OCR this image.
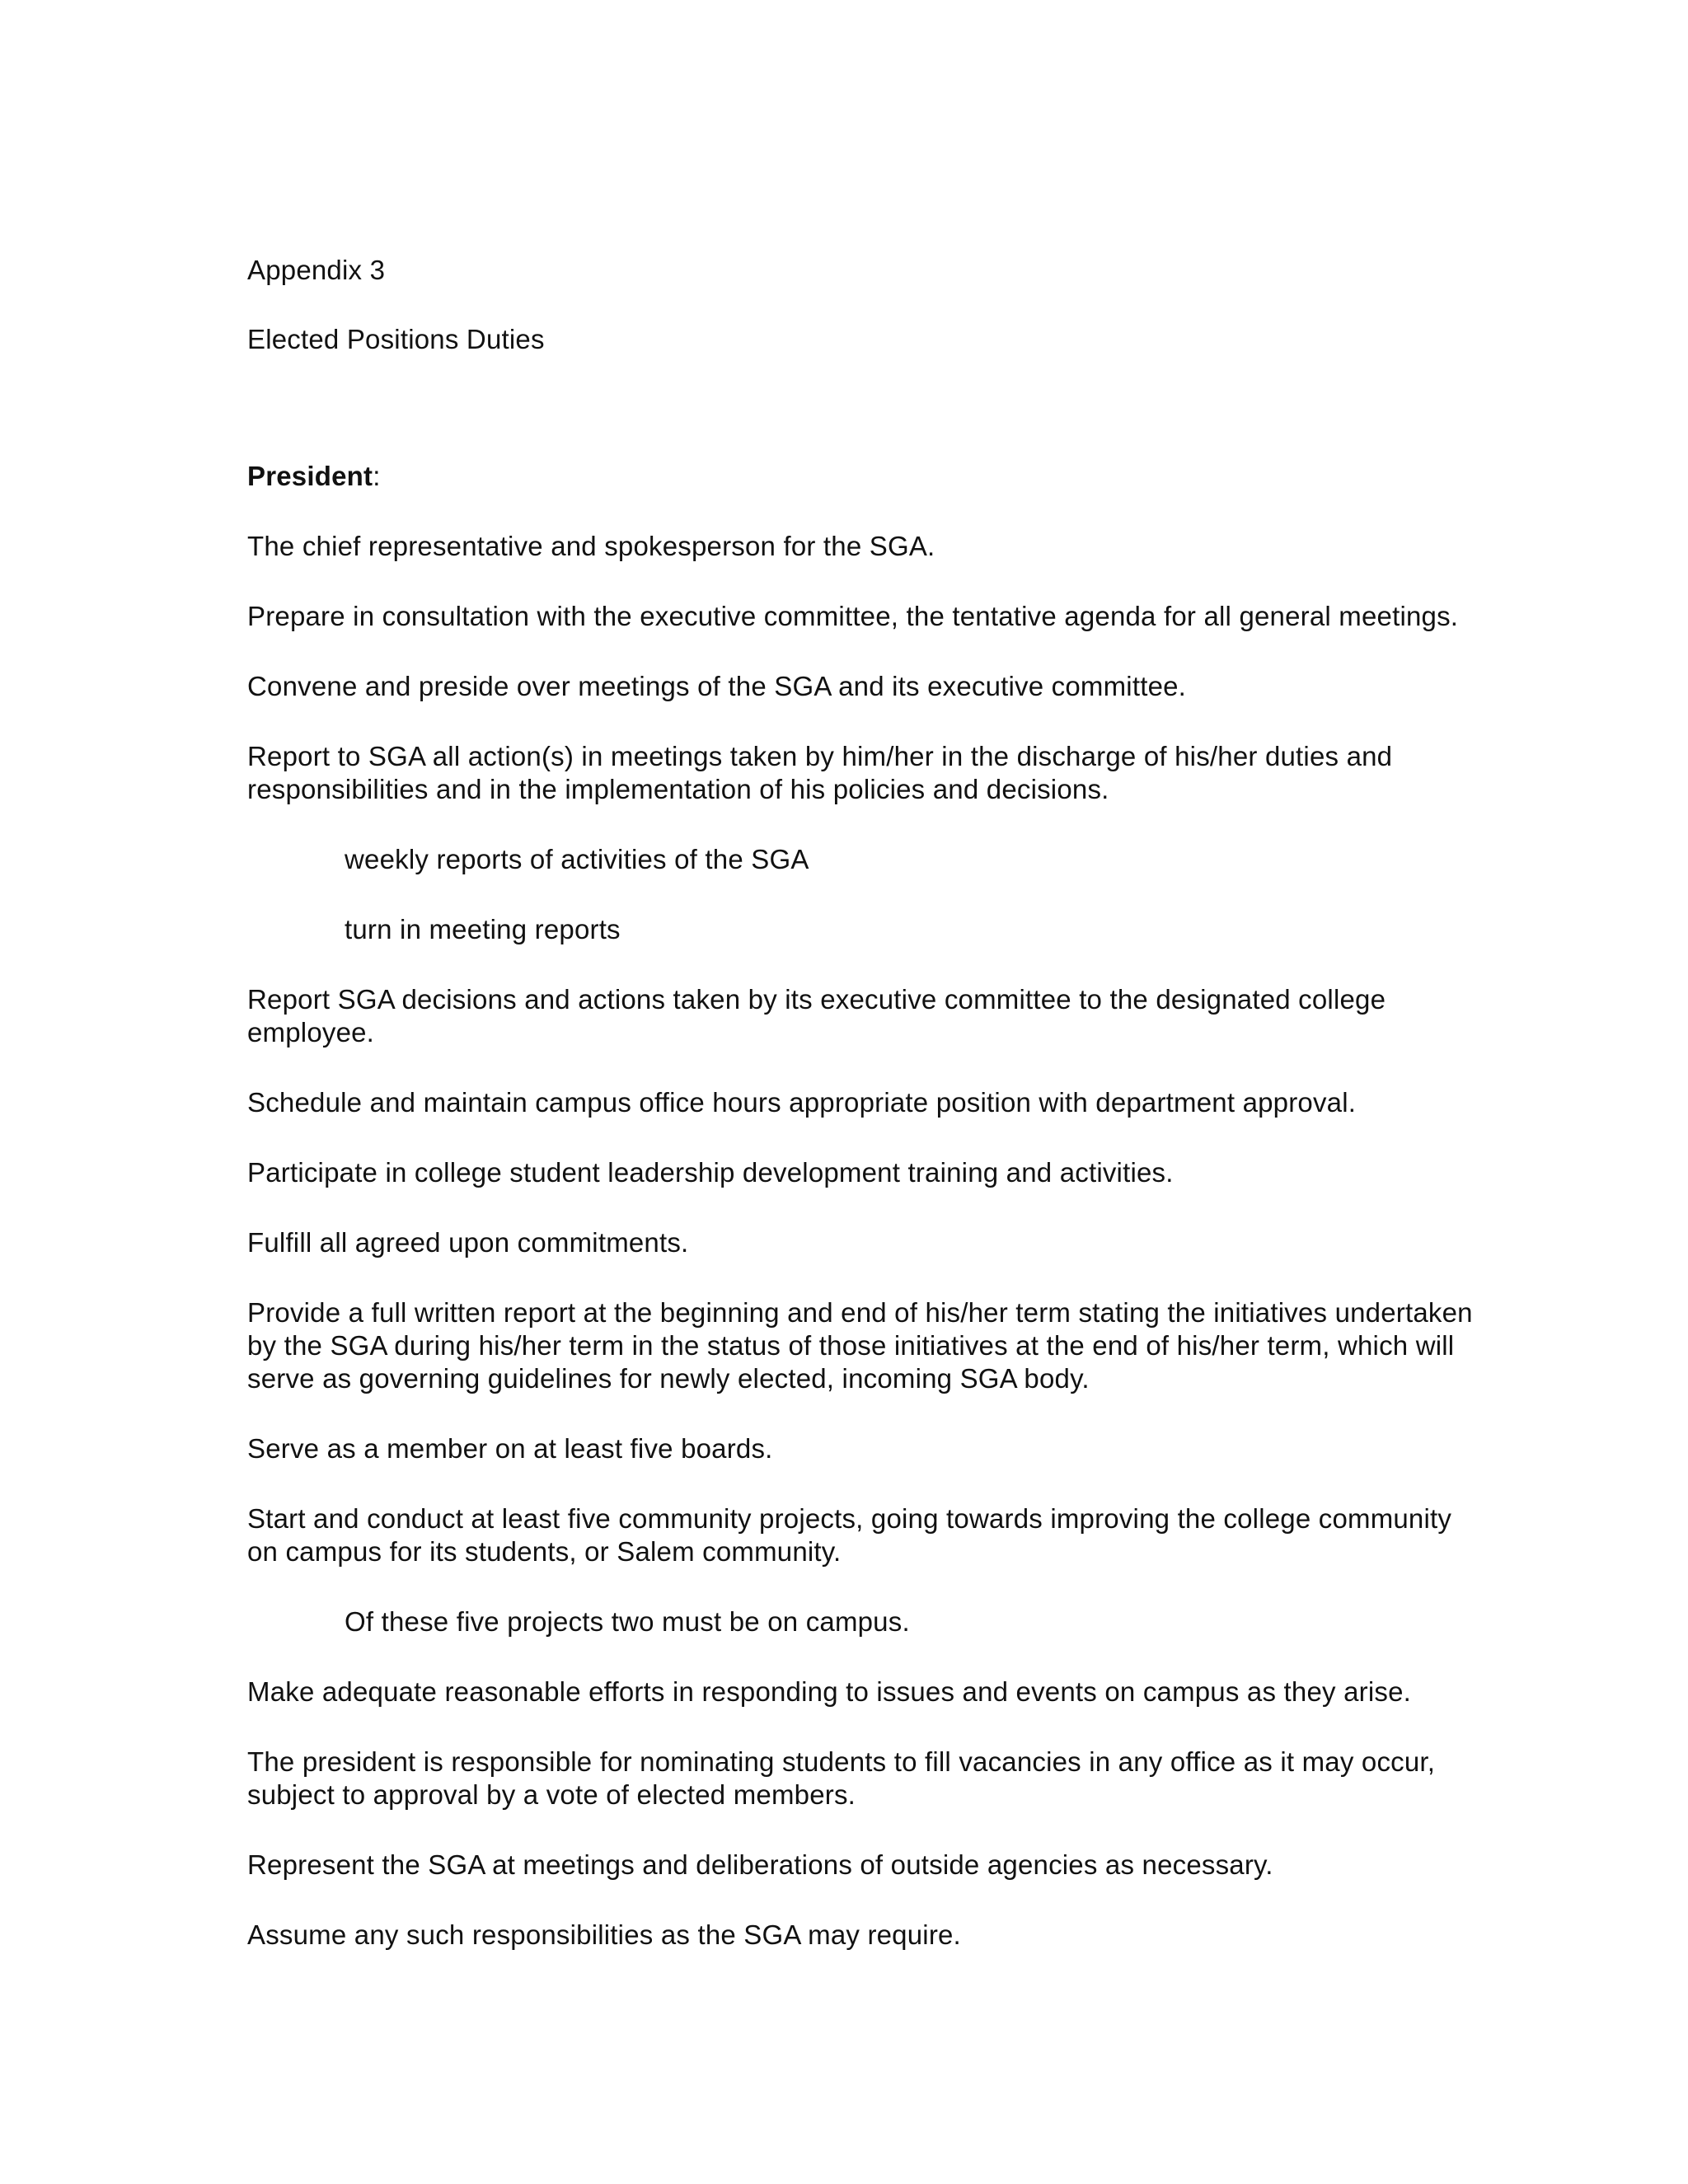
Appendix 3

Elected Positions Duties

President:

The chief representative and spokesperson for the SGA.

Prepare in consultation with the executive committee, the tentative agenda for all general meetings.

Convene and preside over meetings of the SGA and its executive committee.

Report to SGA all action(s) in meetings taken by him/her in the discharge of his/her duties and responsibilities and in the implementation of his policies and decisions.

weekly reports of activities of the SGA

turn in meeting reports

Report SGA decisions and actions taken by its executive committee to the designated college employee.

Schedule and maintain campus office hours appropriate position with department approval.

Participate in college student leadership development training and activities.

Fulfill all agreed upon commitments.

Provide a full written report at the beginning and end of his/her term stating the initiatives undertaken by the SGA during his/her term in the status of those initiatives at the end of his/her term, which will serve as governing guidelines for newly elected, incoming SGA body.

Serve as a member on at least five boards.

Start and conduct at least five community projects, going towards improving the college community on campus for its students, or Salem community.

Of these five projects two must be on campus.

Make adequate reasonable efforts in responding to issues and events on campus as they arise.

The president is responsible for nominating students to fill vacancies in any office as it may occur, subject to approval by a vote of elected members.

Represent the SGA at meetings and deliberations of outside agencies as necessary.

Assume any such responsibilities as the SGA may require.
